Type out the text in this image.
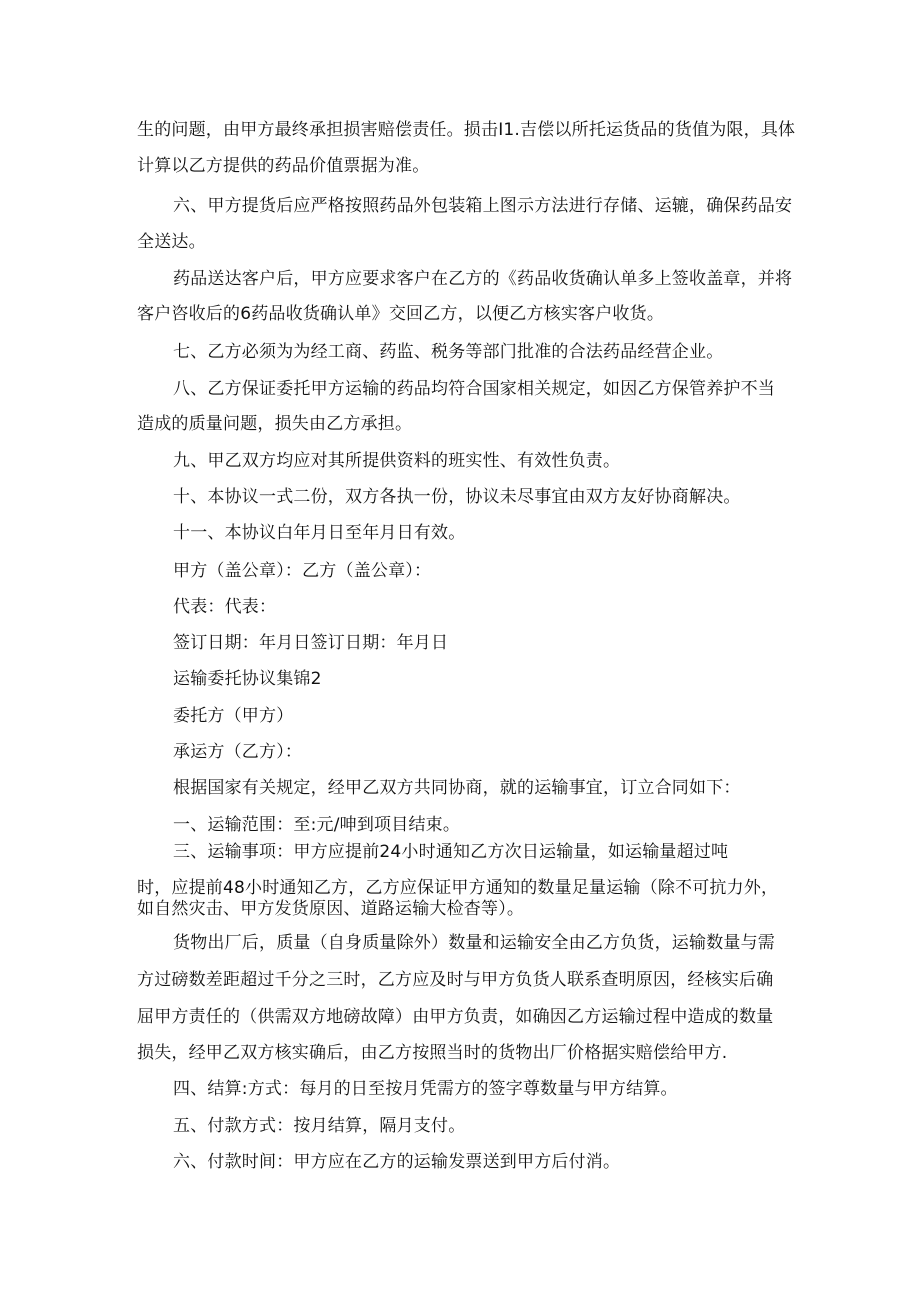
生的问题，由甲方最终承担损害赔偿责任。损击I1.吉偿以所托运货品的货值为限，具体
计算以乙方提供的药品价值票据为准。
六、甲方提货后应严格按照药品外包装箱上图示方法进行存储、运辘，确保药品安
全送达。
药品送达客户后，甲方应要求客户在乙方的《药品收货确认单多上签收盖章，并将
客户咨收后的6药品收货确认单》交回乙方，以便乙方核实客户收货。
七、乙方必须为为经工商、药监、税务等部门批准的合法药品经营企业。
八、乙方保证委托甲方运输的药品均符合国家相关规定，如因乙方保管养护不当
造成的质量问题，损失由乙方承担。
九、甲乙双方均应对其所提供资料的班实性、有效性负责。
十、本协议一式二份，双方各执一份，协议未尽事宜由双方友好协商解决。
十一、本协议白年月日至年月日有效。
甲方（盖公章）：乙方（盖公章）：
代表：代表：
签订日期：年月日签订日期：年月日
运输委托协议集锦2
委托方（甲方）
承运方（乙方）：
根据国家有关规定，经甲乙双方共同协商，就的运输事宜，订立合同如下：
一、运输范围：至:元/呻到项目结束。
三、运输事项：甲方应提前24小时通知乙方次日运输量，如运输量超过吨
时，应提前48小时通知乙方，乙方应保证甲方通知的数量足量运输（除不可抗力外，
如自然灾击、甲方发货原因、道路运输大检杳等）。
货物出厂后，质量（自身质量除外）数量和运输安全由乙方负货，运输数量与需
方过磅数差距超过千分之三时，乙方应及时与甲方负货人联系查明原因，经核实后确
屈甲方责任的（供需双方地磅故障）由甲方负责，如确因乙方运输过程中造成的数量
损失，经甲乙双方核实确后，由乙方按照当时的货物出厂价格据实赔偿给甲方.
四、结算:方式：每月的日至按月凭需方的签字尊数量与甲方结算。
五、付款方式：按月结算，隔月支付。
六、付款时间：甲方应在乙方的运输发票送到甲方后付消。
